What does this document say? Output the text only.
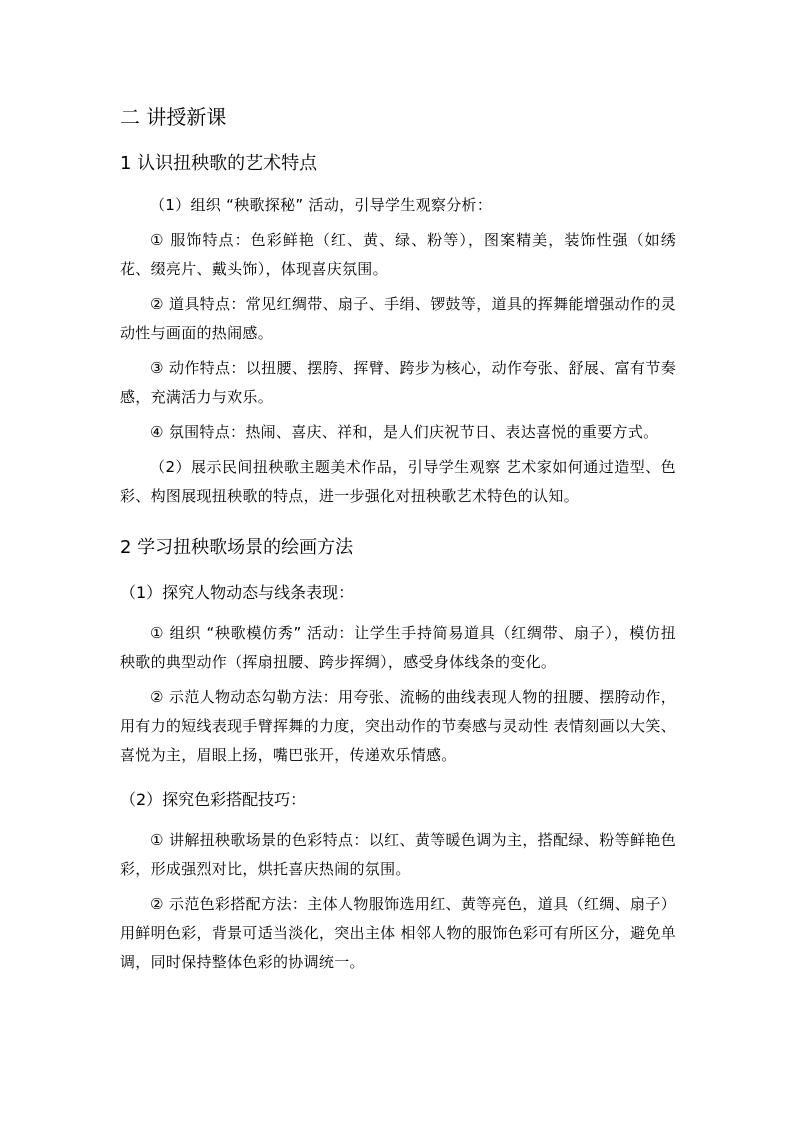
二 讲授新课
1 认识扭秧歌的艺术特点

（1）组织 “秧歌探秘” 活动，引导学生观察分析：

① 服饰特点：色彩鲜艳（红、黄、绿、粉等），图案精美，装饰性强（如绣花、缀亮片、戴头饰），体现喜庆氛围。

② 道具特点：常见红绸带、扇子、手绢、锣鼓等，道具的挥舞能增强动作的灵动性与画面的热闹感。

③ 动作特点：以扭腰、摆胯、挥臂、跨步为核心，动作夸张、舒展、富有节奏感，充满活力与欢乐。

④ 氛围特点：热闹、喜庆、祥和，是人们庆祝节日、表达喜悦的重要方式。

（2）展示民间扭秧歌主题美术作品，引导学生观察 艺术家如何通过造型、色彩、构图展现扭秧歌的特点，进一步强化对扭秧歌艺术特色的认知。

2 学习扭秧歌场景的绘画方法
（1）探究人物动态与线条表现：

① 组织 “秧歌模仿秀” 活动：让学生手持简易道具（红绸带、扇子），模仿扭秧歌的典型动作（挥扇扭腰、跨步挥绸），感受身体线条的变化。

② 示范人物动态勾勒方法：用夸张、流畅的曲线表现人物的扭腰、摆胯动作，用有力的短线表现手臂挥舞的力度，突出动作的节奏感与灵动性 表情刻画以大笑、喜悦为主，眉眼上扬，嘴巴张开，传递欢乐情感。

（2）探究色彩搭配技巧：

① 讲解扭秧歌场景的色彩特点：以红、黄等暖色调为主，搭配绿、粉等鲜艳色彩，形成强烈对比，烘托喜庆热闹的氛围。

② 示范色彩搭配方法：主体人物服饰选用红、黄等亮色，道具（红绸、扇子）用鲜明色彩，背景可适当淡化，突出主体 相邻人物的服饰色彩可有所区分，避免单调，同时保持整体色彩的协调统一。
